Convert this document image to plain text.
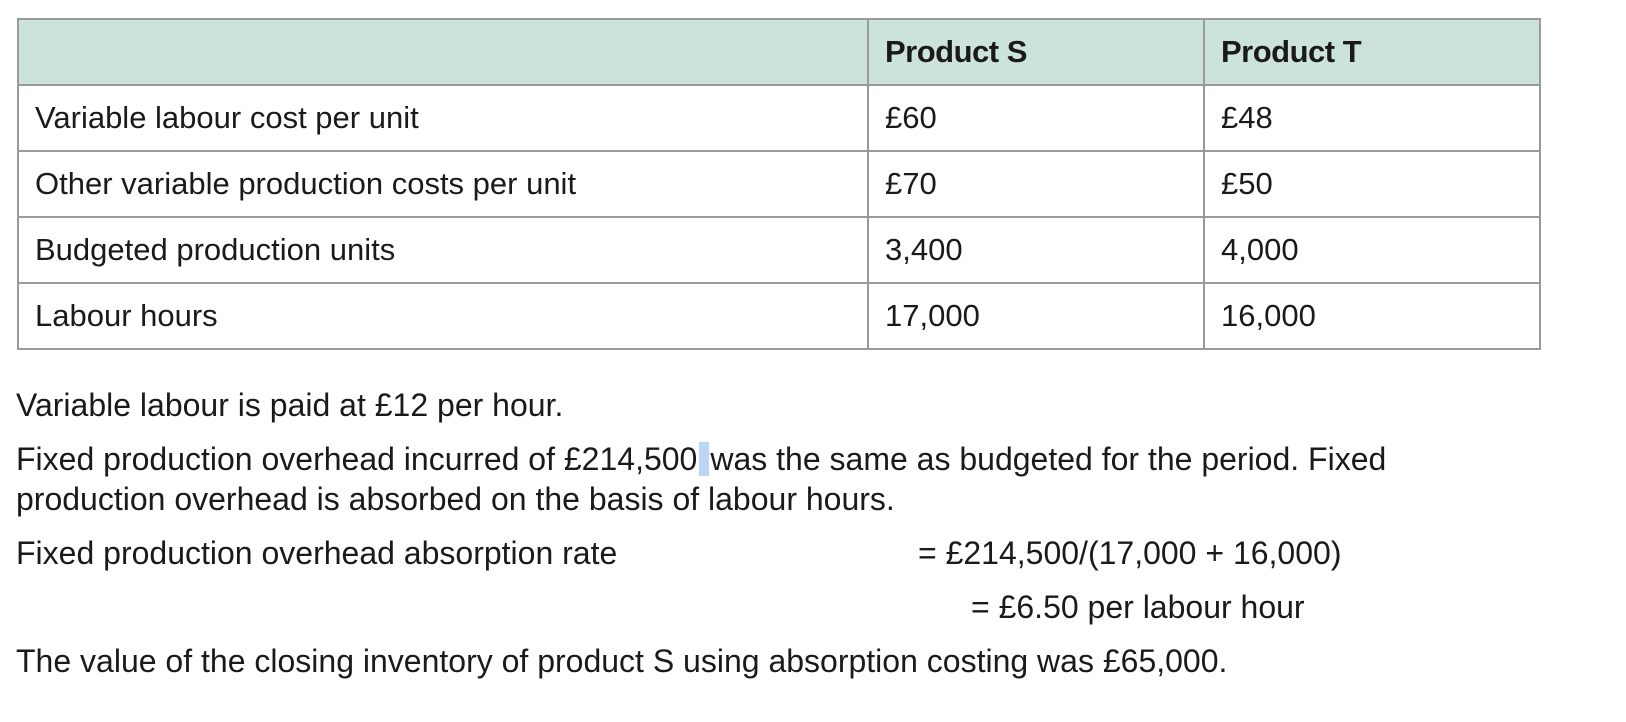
	Product S	Product T
Variable labour cost per unit	£60	£48
Other variable production costs per unit	£70	£50
Budgeted production units	3,400	4,000
Labour hours	17,000	16,000
Variable labour is paid at £12 per hour.
Fixed production overhead incurred of £214,500 was the same as budgeted for the period. Fixed
production overhead is absorbed on the basis of labour hours.
Fixed production overhead absorption rate	= £214,500/(17,000 + 16,000)
= £6.50 per labour hour
The value of the closing inventory of product S using absorption costing was £65,000.
